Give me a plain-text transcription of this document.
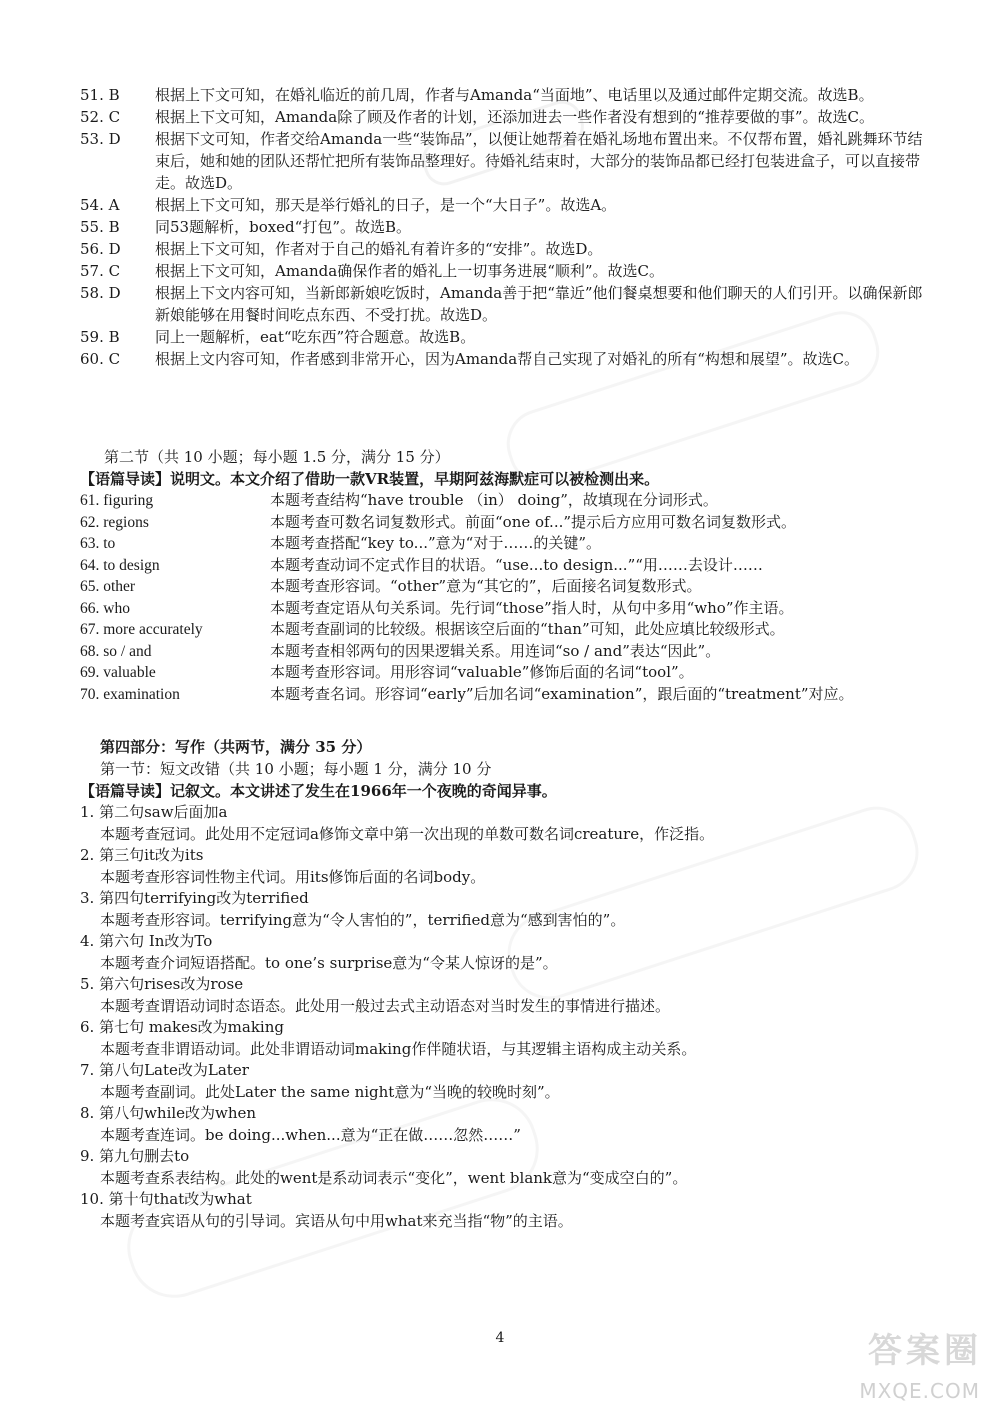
51. B	根据上下文可知，在婚礼临近的前几周，作者与Amanda“当面地”、电话里以及通过邮件定期交流。故选B。
52. C	根据上下文可知，Amanda除了顾及作者的计划，还添加进去一些作者没有想到的“推荐要做的事”。故选C。
53. D	根据下文可知，作者交给Amanda一些“装饰品”，以便让她帮着在婚礼场地布置出来。不仅帮布置，婚礼跳舞环节结束后，她和她的团队还帮忙把所有装饰品整理好。待婚礼结束时，大部分的装饰品都已经打包装进盒子，可以直接带走。故选D。
54. A	根据上下文可知，那天是举行婚礼的日子，是一个“大日子”。故选A。
55. B	同53题解析，boxed“打包”。故选B。
56. D	根据上下文可知，作者对于自己的婚礼有着许多的“安排”。故选D。
57. C	根据上下文可知，Amanda确保作者的婚礼上一切事务进展“顺利”。故选C。
58. D	根据上下文内容可知，当新郎新娘吃饭时，Amanda善于把“靠近”他们餐桌想要和他们聊天的人们引开。以确保新郎新娘能够在用餐时间吃点东西、不受打扰。故选D。
59. B	同上一题解析，eat“吃东西”符合题意。故选B。
60. C	根据上文内容可知，作者感到非常开心，因为Amanda帮自己实现了对婚礼的所有“构想和展望”。故选C。
第二节（共 10 小题；每小题 1.5 分，满分 15 分）
【语篇导读】说明文。本文介绍了借助一款VR装置，早期阿兹海默症可以被检测出来。
61. figuring	本题考查结构“have trouble （in） doing”，故填现在分词形式。
62. regions	本题考查可数名词复数形式。前面“one of...”提示后方应用可数名词复数形式。
63. to	本题考查搭配“key to...”意为“对于……的关键”。
64. to design	本题考查动词不定式作目的状语。“use...to design...”“用……去设计……
65. other	本题考查形容词。“other”意为“其它的”，后面接名词复数形式。
66. who	本题考查定语从句关系词。先行词“those”指人时，从句中多用“who”作主语。
67. more accurately	本题考查副词的比较级。根据该空后面的“than”可知，此处应填比较级形式。
68. so / and	本题考查相邻两句的因果逻辑关系。用连词“so / and”表达“因此”。
69. valuable	本题考查形容词。用形容词“valuable”修饰后面的名词“tool”。
70. examination	本题考查名词。形容词“early”后加名词“examination”，跟后面的“treatment”对应。
第四部分：写作（共两节，满分 35 分）
第一节：短文改错（共 10 小题；每小题 1 分，满分 10 分
【语篇导读】记叙文。本文讲述了发生在1966年一个夜晚的奇闻异事。
1. 第二句saw后面加a
本题考查冠词。此处用不定冠词a修饰文章中第一次出现的单数可数名词creature，作泛指。
2. 第三句it改为its
本题考查形容词性物主代词。用its修饰后面的名词body。
3. 第四句terrifying改为terrified
本题考查形容词。terrifying意为“令人害怕的”，terrified意为“感到害怕的”。
4. 第六句 In改为To
本题考查介词短语搭配。to one’s surprise意为“令某人惊讶的是”。
5. 第六句rises改为rose
本题考查谓语动词时态语态。此处用一般过去式主动语态对当时发生的事情进行描述。
6. 第七句 makes改为making
本题考查非谓语动词。此处非谓语动词making作伴随状语，与其逻辑主语构成主动关系。
7. 第八句Late改为Later
本题考查副词。此处Later the same night意为“当晚的较晚时刻”。
8. 第八句while改为when
本题考查连词。be doing...when...意为“正在做……忽然……”
9. 第九句删去to
本题考查系表结构。此处的went是系动词表示“变化”，went blank意为“变成空白的”。
10. 第十句that改为what
本题考查宾语从句的引导词。宾语从句中用what来充当指“物”的主语。
4	答案圈
MXQE.COM
